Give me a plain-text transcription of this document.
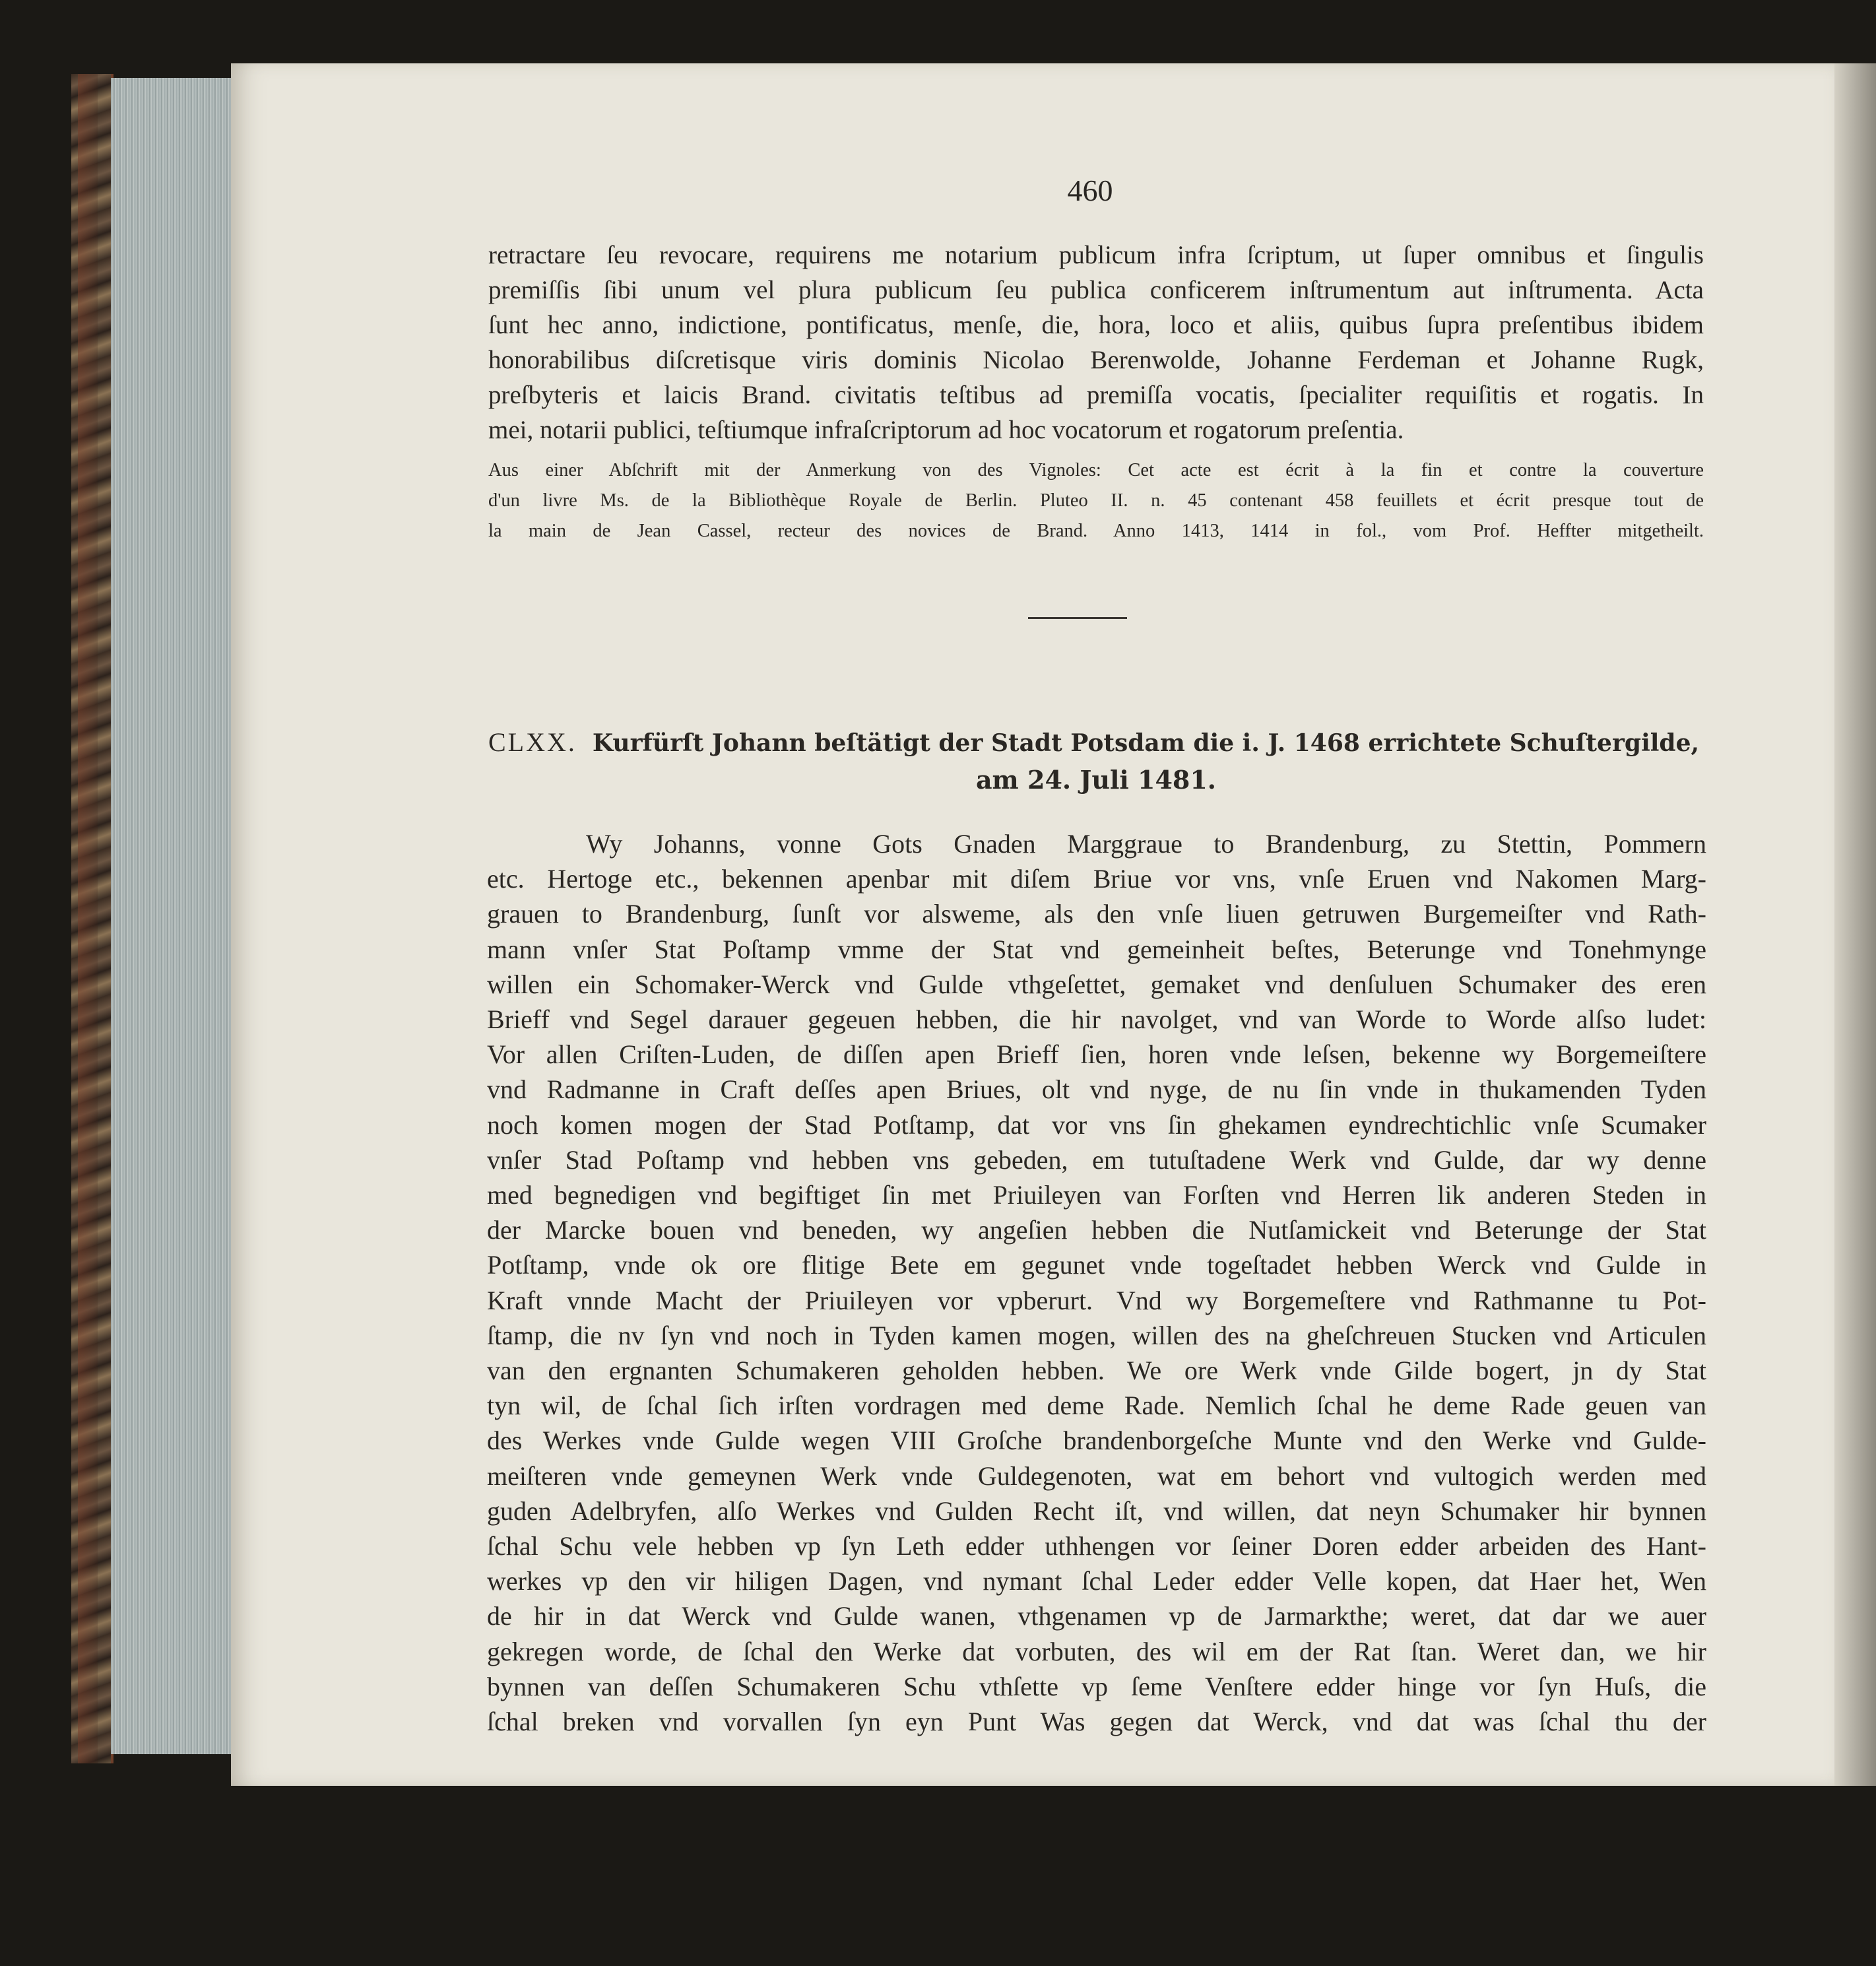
460
retractare ſeu revocare, requirens me notarium publicum infra ſcriptum, ut ſuper omnibus et ſingulis
premiſſis ſibi unum vel plura publicum ſeu publica conficerem inſtrumentum aut inſtrumenta. Acta
ſunt hec anno, indictione, pontificatus, menſe, die, hora, loco et aliis, quibus ſupra preſentibus ibidem
honorabilibus diſcretisque viris dominis Nicolao Berenwolde, Johanne Ferdeman et Johanne Rugk,
preſbyteris et laicis Brand. civitatis teſtibus ad premiſſa vocatis, ſpecialiter requiſitis et rogatis. In
mei, notarii publici, teſtiumque infraſcriptorum ad hoc vocatorum et rogatorum preſentia.
Aus einer Abſchrift mit der Anmerkung von des Vignoles: Cet acte est écrit à la fin et contre la couverture
d'un livre Ms. de la Bibliothèque Royale de Berlin. Pluteo II. n. 45 contenant 458 feuillets et écrit presque tout de
la main de Jean Cassel, recteur des novices de Brand. Anno 1413, 1414 in fol., vom Prof. Heffter mitgetheilt.
CLXX. Kurfürſt Johann beſtätigt der Stadt Potsdam die i. J. 1468 errichtete Schuſtergilde,
am 24. Juli 1481.
Wy Johanns, vonne Gots Gnaden Marggraue to Brandenburg, zu Stettin, Pommern
etc. Hertoge etc., bekennen apenbar mit diſem Briue vor vns, vnſe Eruen vnd Nakomen Marg-
grauen to Brandenburg, ſunſt vor alsweme, als den vnſe liuen getruwen Burgemeiſter vnd Rath-
mann vnſer Stat Poſtamp vmme der Stat vnd gemeinheit beſtes, Beterunge vnd Tonehmynge
willen ein Schomaker-Werck vnd Gulde vthgeſettet, gemaket vnd denſuluen Schumaker des eren
Brieff vnd Segel darauer gegeuen hebben, die hir navolget, vnd van Worde to Worde alſso ludet:
Vor allen Criſten-Luden, de diſſen apen Brieff ſien, horen vnde leſsen, bekenne wy Borgemeiſtere
vnd Radmanne in Craft deſſes apen Briues, olt vnd nyge, de nu ſin vnde in thukamenden Tyden
noch komen mogen der Stad Potſtamp, dat vor vns ſin ghekamen eyndrechtichlic vnſe Scumaker
vnſer Stad Poſtamp vnd hebben vns gebeden, em tutuſtadene Werk vnd Gulde, dar wy denne
med begnedigen vnd begiftiget ſin met Priuileyen van Forſten vnd Herren lik anderen Steden in
der Marcke bouen vnd beneden, wy angeſien hebben die Nutſamickeit vnd Beterunge der Stat
Potſtamp, vnde ok ore flitige Bete em gegunet vnde togeſtadet hebben Werck vnd Gulde in
Kraft vnnde Macht der Priuileyen vor vpberurt. Vnd wy Borgemeſtere vnd Rathmanne tu Pot-
ſtamp, die nv ſyn vnd noch in Tyden kamen mogen, willen des na gheſchreuen Stucken vnd Articulen
van den ergnanten Schumakeren geholden hebben. We ore Werk vnde Gilde bogert, jn dy Stat
tyn wil, de ſchal ſich irſten vordragen med deme Rade. Nemlich ſchal he deme Rade geuen van
des Werkes vnde Gulde wegen VIII Groſche brandenborgeſche Munte vnd den Werke vnd Gulde-
meiſteren vnde gemeynen Werk vnde Guldegenoten, wat em behort vnd vultogich werden med
guden Adelbryfen, alſo Werkes vnd Gulden Recht iſt, vnd willen, dat neyn Schumaker hir bynnen
ſchal Schu vele hebben vp ſyn Leth edder uthhengen vor ſeiner Doren edder arbeiden des Hant-
werkes vp den vir hiligen Dagen, vnd nymant ſchal Leder edder Velle kopen, dat Haer het, Wen
de hir in dat Werck vnd Gulde wanen, vthgenamen vp de Jarmarkthe; weret, dat dar we auer
gekregen worde, de ſchal den Werke dat vorbuten, des wil em der Rat ſtan. Weret dan, we hir
bynnen van deſſen Schumakeren Schu vthſette vp ſeme Venſtere edder hinge vor ſyn Huſs, die
ſchal breken vnd vorvallen ſyn eyn Punt Was gegen dat Werck, vnd dat was ſchal thu der
